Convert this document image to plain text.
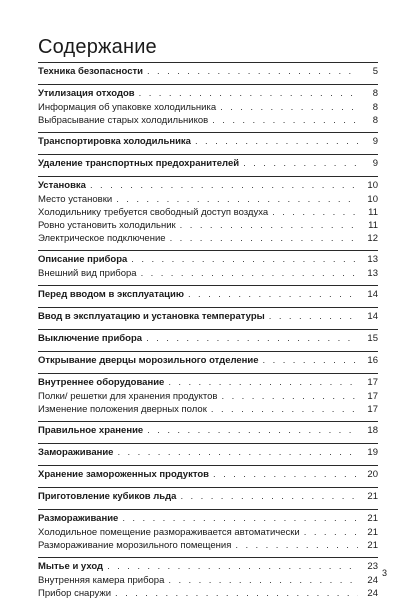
Содержание
Техника безопасности . . .	5
Утилизация отходов . . .	8
Информация об упаковке холодильника . . .	8
Выбрасывание старых холодильников . . .	8
Транспортировка холодильника . . .	9
Удаление транспортных предохранителей . . .	9
Установка . . .	10
Место установки . . .	10
Холодильнику требуется свободный доступ воздуха . . .	11
Ровно установить холодильник . . .	11
Электрическое подключение . . .	12
Описание прибора . . .	13
Внешний вид прибора . . .	13
Перед вводом в эксплуатацию . . .	14
Ввод в эксплуатацию и установка температуры . . .	14
Выключение прибора . . .	15
Открывание дверцы морозильного отделение . . .	16
Внутреннее оборудование . . .	17
Полки/ решетки для хранения продуктов . . .	17
Изменение положения дверных полок . . .	17
Правильное хранение . . .	18
Замораживание . . .	19
Хранение замороженных продуктов . . .	20
Приготовление кубиков льда . . .	21
Размораживание . . .	21
Холодильное помещение размораживается автоматически . . .	21
Размораживание морозильного помещения . . .	21
Мытье и уход . . .	23
Внутренняя камера прибора . . .	24
Прибор снаружи . . .	24
3
